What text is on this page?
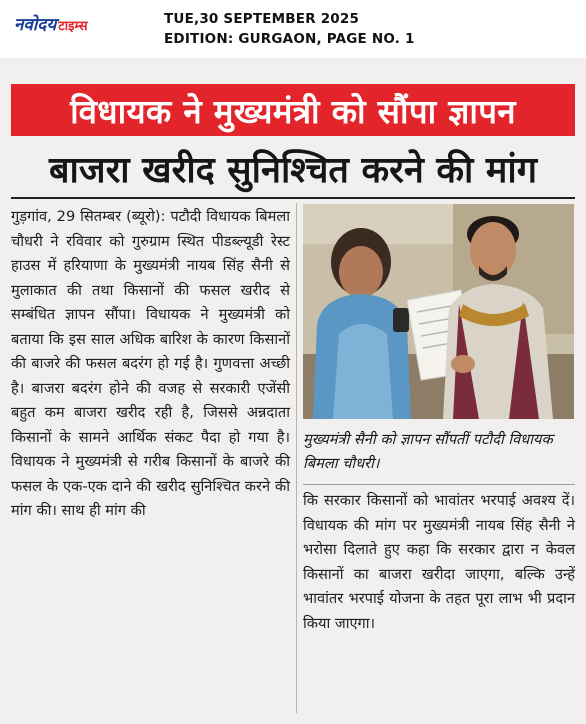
नवोदय टाइम्स	TUE,30 SEPTEMBER 2025
EDITION: GURGAON, PAGE NO. 1
विधायक ने मुख्यमंत्री को सौंपा ज्ञापन
बाजरा खरीद सुनिश्चित करने की मांग

गुड़गांव, 29 सितम्बर (ब्यूरो): पटौदी विधायक बिमला चौधरी ने रविवार को गुरुग्राम स्थित पीडब्ल्यूडी रेस्ट हाउस में हरियाणा के मुख्यमंत्री नायब सिंह सैनी से मुलाकात की तथा किसानों की फसल खरीद से सम्बंधित ज्ञापन सौंपा। विधायक ने मुख्यमंत्री को बताया कि इस साल अधिक बारिश के कारण किसानों की बाजरे की फसल बदरंग हो गई है। गुणवत्ता अच्छी है। बाजरा बदरंग होने की वजह से सरकारी एजेंसी बहुत कम बाजरा खरीद रही है, जिससे अन्नदाता किसानों के सामने आर्थिक संकट पैदा हो गया है। विधायक ने मुख्यमंत्री से गरीब किसानों के बाजरे की फसल के एक-एक दाने की खरीद सुनिश्चित करने की मांग की। साथ ही मांग की

मुख्यमंत्री सैनी को ज्ञापन सौंपतीं पटौदी विधायक बिमला चौधरी।

कि सरकार किसानों को भावांतर भरपाई अवश्य दें। विधायक की मांग पर मुख्यमंत्री नायब सिंह सैनी ने भरोसा दिलाते हुए कहा कि सरकार द्वारा न केवल किसानों का बाजरा खरीदा जाएगा, बल्कि उन्हें भावांतर भरपाई योजना के तहत पूरा लाभ भी प्रदान किया जाएगा।
